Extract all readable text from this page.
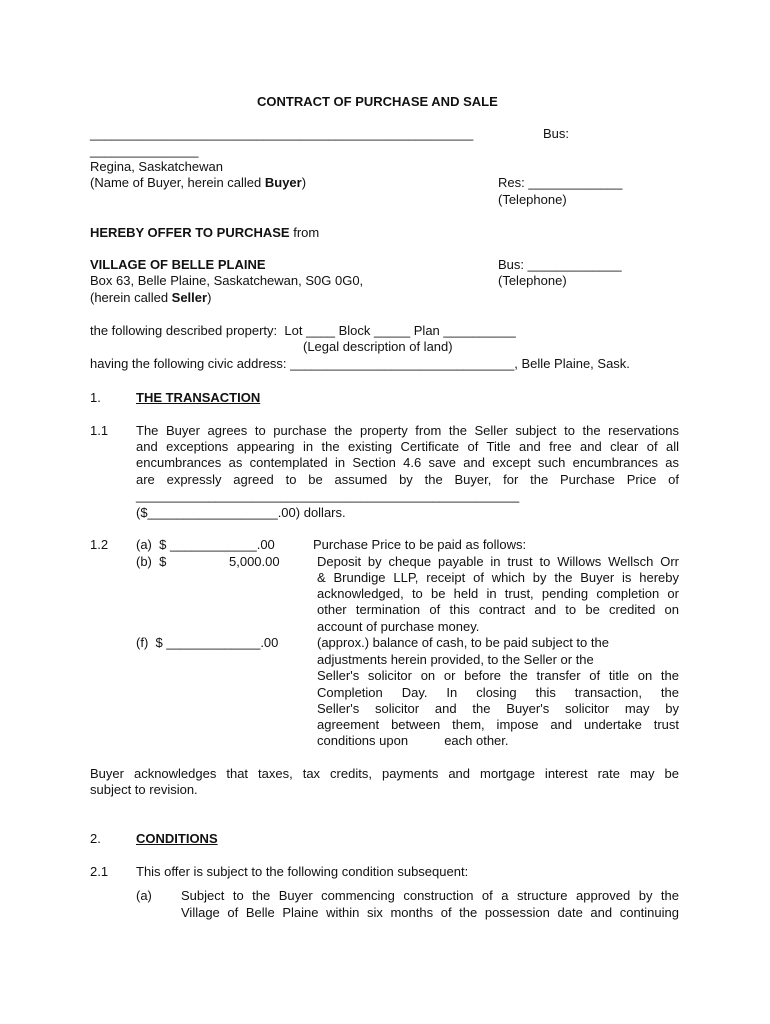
CONTRACT OF PURCHASE AND SALE
_____________________________________________________	Bus:
_______________
Regina, Saskatchewan
(Name of Buyer, herein called Buyer)	Res: _____________
(Telephone)
HEREBY OFFER TO PURCHASE from
VILLAGE OF BELLE PLAINE	Bus: _____________
Box 63, Belle Plaine, Saskatchewan, S0G 0G0,	(Telephone)
(herein called Seller)
the following described property:  Lot ____ Block _____ Plan __________
(Legal description of land)
having the following civic address: _______________________________, Belle Plaine, Sask.
1.	THE TRANSACTION
1.1 The Buyer agrees to purchase the property from the Seller subject to the reservations
and exceptions appearing in the existing Certificate of Title and free and clear of all
encumbrances as contemplated in Section 4.6 save and except such encumbrances as
are expressly agreed to be assumed by the Buyer, for the Purchase Price of
_____________________________________________________
($__________________.00) dollars.
1.2 (a)  $ ____________.00	Purchase Price to be paid as follows:
(b)  $	5,000.00	Deposit by cheque payable in trust to Willows Wellsch Orr
& Brundige LLP, receipt of which by the Buyer is hereby
acknowledged, to be held in trust, pending completion or
other termination of this contract and to be credited on
account of purchase money.
(f)  $ _____________.00	(approx.) balance of cash, to be paid subject to the
adjustments herein provided, to the Seller or the
Seller's solicitor on or before the transfer of title on the
Completion Day. In closing this transaction, the
Seller's solicitor and the Buyer's solicitor may by
agreement between them, impose and undertake trust
conditions upon          each other.
Buyer acknowledges that taxes, tax credits, payments and mortgage interest rate may be
subject to revision.
2.	CONDITIONS
2.1 This offer is subject to the following condition subsequent:
(a) Subject to the Buyer commencing construction of a structure approved by the
Village of Belle Plaine within six months of the possession date and continuing
